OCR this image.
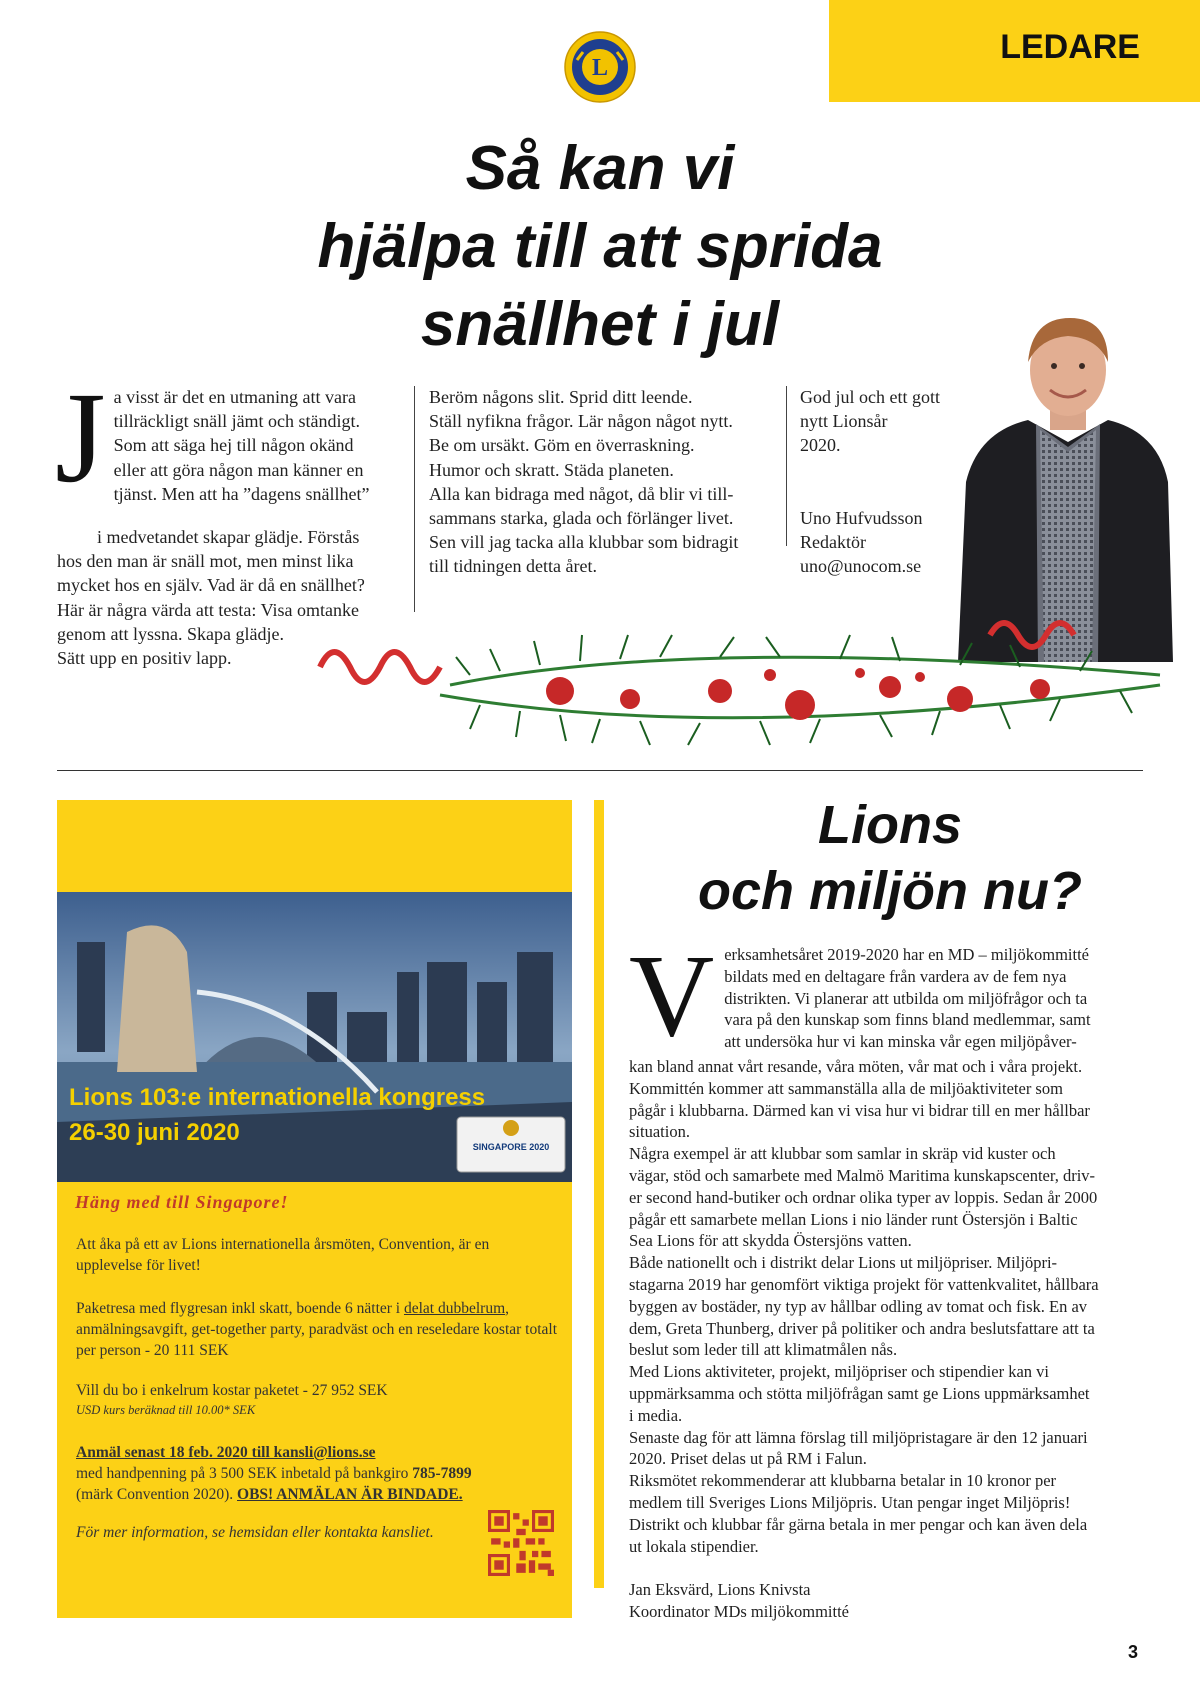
LEDARE
L
Så kan vi
hjälpa till att sprida
snällhet i jul
J a visst är det en utmaning att vara
tillräckligt snäll jämt och ständigt.
Som att säga hej till någon okänd
eller att göra någon man känner en
tjänst. Men att ha ”dagens snällhet”
i medvetandet skapar glädje. Förstås
hos den man är snäll mot, men minst lika
mycket hos en själv. Vad är då en snällhet?
Här är några värda att testa: Visa omtanke
genom att lyssna. Skapa glädje.
Sätt upp en positiv lapp.
Beröm någons slit. Sprid ditt leende.
Ställ nyfikna frågor. Lär någon något nytt.
Be om ursäkt. Göm en överraskning.
Humor och skratt. Städa planeten.
Alla kan bidraga med något, då blir vi till-
sammans starka, glada och förlänger livet.
Sen vill jag tacka alla klubbar som bidragit
till tidningen detta året.
God jul och ett gott
nytt Lionsår
2020.
Uno Hufvudsson
Redaktör
uno@unocom.se
Lions 103:e internationella kongress
26-30 juni 2020
SINGAPORE 2020
Häng med till Singapore!
Att åka på ett av Lions internationella årsmöten, Convention, är en upplevelse för livet!
Paketresa med flygresan inkl skatt, boende 6 nätter i delat dubbelrum, anmälningsavgift, get-together party, paradväst och en reseledare kostar totalt per person - 20 111 SEK
Vill du bo i enkelrum kostar paketet - 27 952 SEK
USD kurs beräknad till 10.00* SEK
Anmäl senast 18 feb. 2020 till kansli@lions.se
med handpenning på 3 500 SEK inbetald på bankgiro 785-7899
(märk Convention 2020). OBS! ANMÄLAN ÄR BINDADE.
För mer information, se hemsidan eller kontakta kansliet.
Lions
och miljön nu?
V erksamhetsåret 2019-2020 har en MD – miljökommitté
bildats med en deltagare från vardera av de fem nya
distrikten. Vi planerar att utbilda om miljöfrågor och ta
vara på den kunskap som finns bland medlemmar, samt
att undersöka hur vi kan minska vår egen miljöpåver-
kan bland annat vårt resande, våra möten, vår mat och i våra projekt.
Kommittén kommer att sammanställa alla de miljöaktiviteter som
pågår i klubbarna. Därmed kan vi visa hur vi bidrar till en mer hållbar
situation.
Några exempel är att klubbar som samlar in skräp vid kuster och
vägar, stöd och samarbete med Malmö Maritima kunskapscenter, driv-
er second hand-butiker och ordnar olika typer av loppis. Sedan år 2000
pågår ett samarbete mellan Lions i nio länder runt Östersjön i Baltic
Sea Lions för att skydda Östersjöns vatten.
Både nationellt och i distrikt delar Lions ut miljöpriser. Miljöpri-
stagarna 2019 har genomfört viktiga projekt för vattenkvalitet, hållbara
byggen av bostäder, ny typ av hållbar odling av tomat och fisk. En av
dem, Greta Thunberg, driver på politiker och andra beslutsfattare att ta
beslut som leder till att klimatmålen nås.
Med Lions aktiviteter, projekt, miljöpriser och stipendier kan vi
uppmärksamma och stötta miljöfrågan samt ge Lions uppmärksamhet
i media.
Senaste dag för att lämna förslag till miljöpristagare är den 12 januari
2020. Priset delas ut på RM i Falun.
Riksmötet rekommenderar att klubbarna betalar in 10 kronor per
medlem till Sveriges Lions Miljöpris. Utan pengar inget Miljöpris!
Distrikt och klubbar får gärna betala in mer pengar och kan även dela
ut lokala stipendier.
Jan Eksvärd, Lions Knivsta
Koordinator MDs miljökommitté
3
